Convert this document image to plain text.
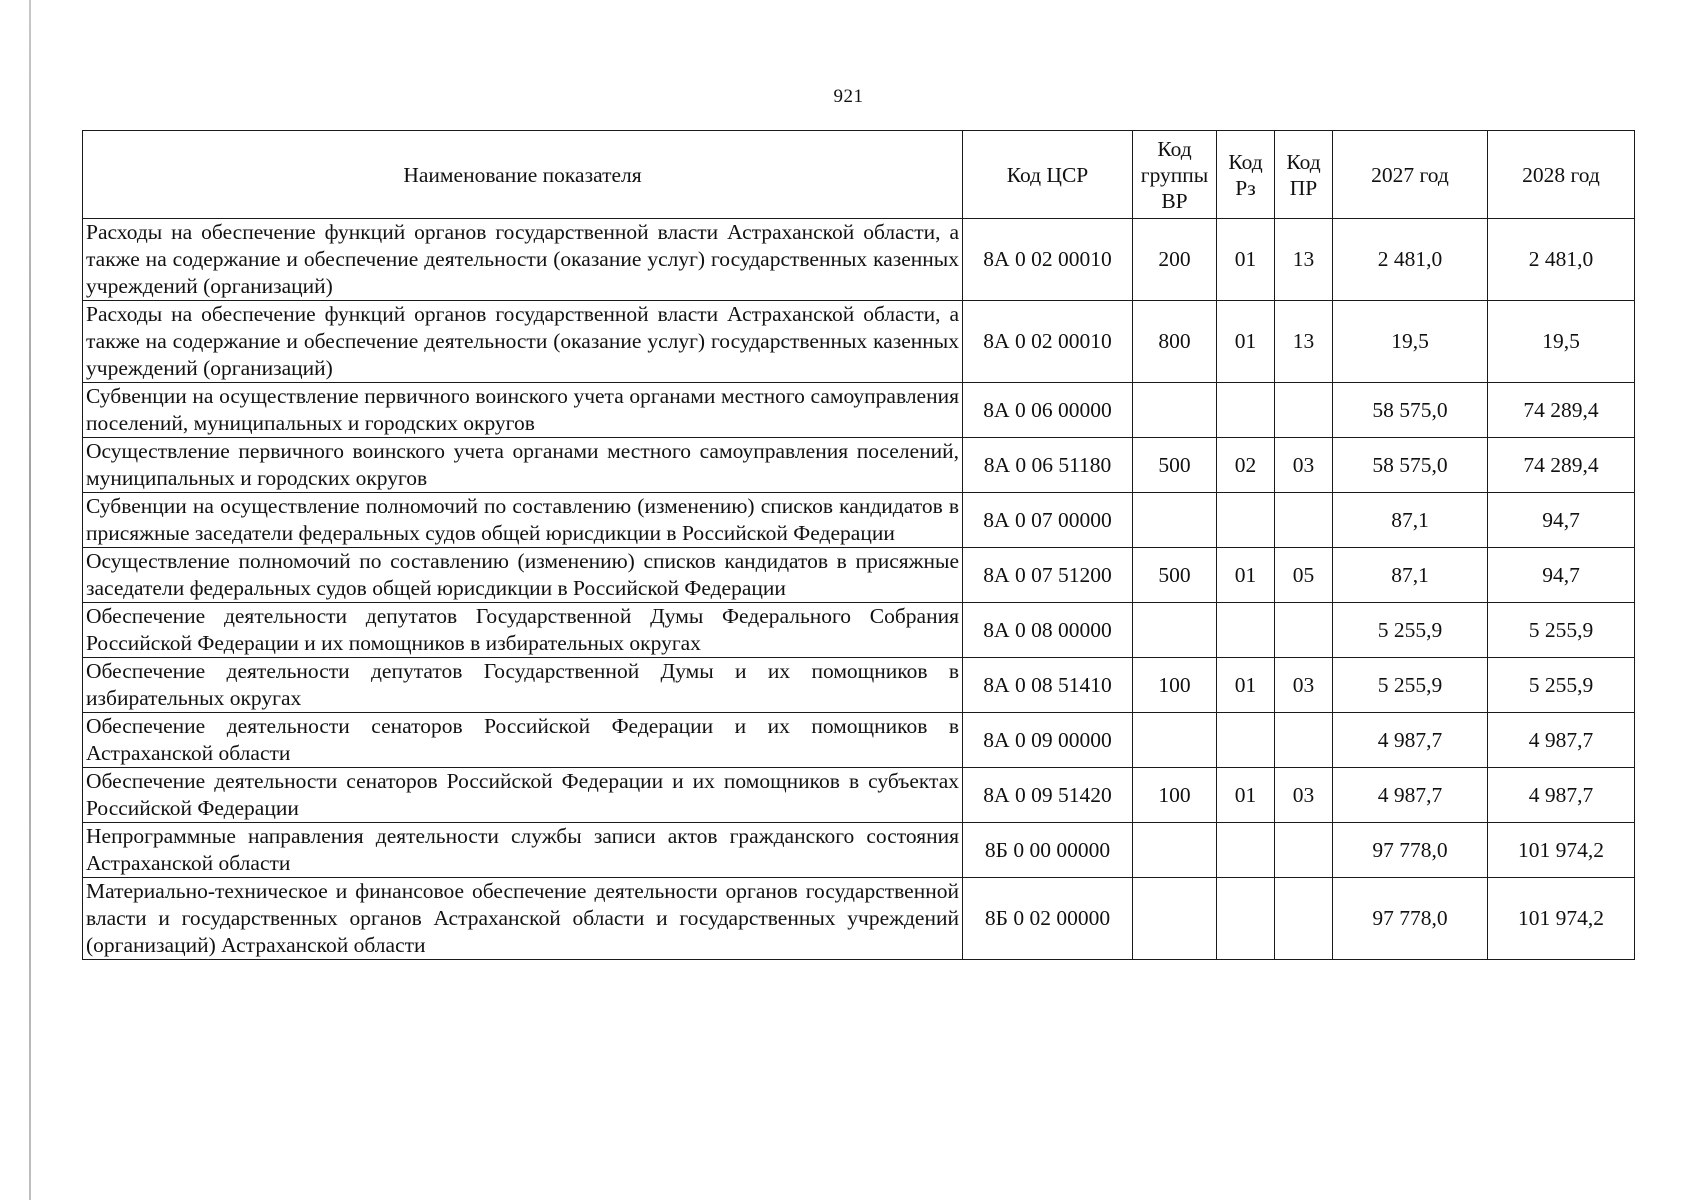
921
Наименование показателя	Код ЦСР	Код группы ВР	Код Рз	Код ПР	2027 год	2028 год
Расходы на обеспечение функций органов государственной власти Астраханской области, а также на содержание и обеспечение деятельности (оказание услуг) государственных казенных учреждений (организаций)	8А 0 02 00010	200	01	13	2 481,0	2 481,0
Расходы на обеспечение функций органов государственной власти Астраханской области, а также на содержание и обеспечение деятельности (оказание услуг) государственных казенных учреждений (организаций)	8А 0 02 00010	800	01	13	19,5	19,5
Субвенции на осуществление первичного воинского учета органами местного самоуправления поселений, муниципальных и городских округов	8А 0 06 00000				58 575,0	74 289,4
Осуществление первичного воинского учета органами местного самоуправления поселений, муниципальных и городских округов	8А 0 06 51180	500	02	03	58 575,0	74 289,4
Субвенции на осуществление полномочий по составлению (изменению) списков кандидатов в присяжные заседатели федеральных судов общей юрисдикции в Российской Федерации	8А 0 07 00000				87,1	94,7
Осуществление полномочий по составлению (изменению) списков кандидатов в присяжные заседатели федеральных судов общей юрисдикции в Российской Федерации	8А 0 07 51200	500	01	05	87,1	94,7
Обеспечение деятельности депутатов Государственной Думы Федерального Собрания Российской Федерации и их помощников в избирательных округах	8А 0 08 00000				5 255,9	5 255,9
Обеспечение деятельности депутатов Государственной Думы и их помощников в избирательных округах	8А 0 08 51410	100	01	03	5 255,9	5 255,9
Обеспечение деятельности сенаторов Российской Федерации и их помощников в Астраханской области	8А 0 09 00000				4 987,7	4 987,7
Обеспечение деятельности сенаторов Российской Федерации и их помощников в субъектах Российской Федерации	8А 0 09 51420	100	01	03	4 987,7	4 987,7
Непрограммные направления деятельности службы записи актов гражданского состояния Астраханской области	8Б 0 00 00000				97 778,0	101 974,2
Материально-техническое и финансовое обеспечение деятельности органов государственной власти и государственных органов Астраханской области и государственных учреждений (организаций) Астраханской области	8Б 0 02 00000				97 778,0	101 974,2
